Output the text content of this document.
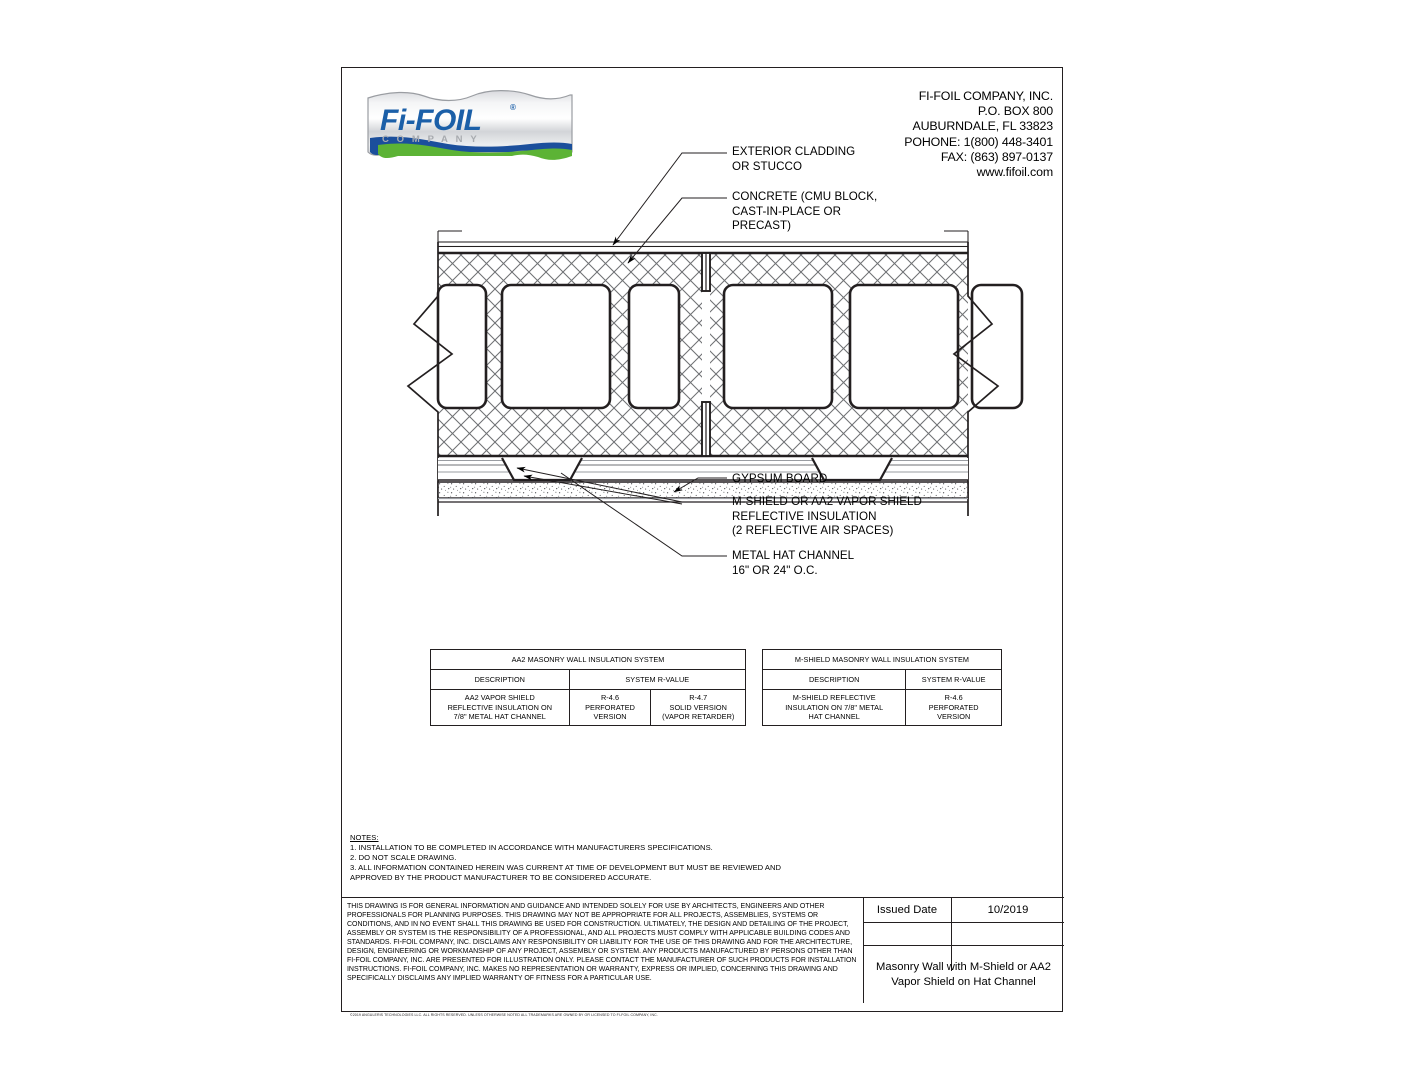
Fi-FOIL	®
COMPANY
FI-FOIL COMPANY, INC.
P.O. BOX 800
AUBURNDALE, FL 33823
POHONE: 1(800) 448-3401
FAX: (863) 897-0137
www.fifoil.com
EXTERIOR CLADDING
OR STUCCO
CONCRETE (CMU BLOCK,
CAST-IN-PLACE OR
PRECAST)
GYPSUM BOARD
M-SHIELD OR AA2 VAPOR SHIELD
REFLECTIVE INSULATION
(2 REFLECTIVE AIR SPACES)
METAL HAT CHANNEL
16" OR 24" O.C.
AA2 MASONRY WALL INSULATION SYSTEM		
DESCRIPTION	SYSTEM R-VALUE	

AA2 VAPOR SHIELD
REFLECTIVE INSULATION ON
7/8" METAL HAT CHANNEL

R-4.6
PERFORATED
VERSION

R-4.7
SOLID VERSION
(VAPOR RETARDER)
M-SHIELD MASONRY WALL INSULATION SYSTEM	
DESCRIPTION	SYSTEM R-VALUE

M-SHIELD REFLECTIVE
INSULATION ON 7/8" METAL
HAT CHANNEL

R-4.6
PERFORATED
VERSION
NOTES:
1. INSTALLATION TO BE COMPLETED IN ACCORDANCE WITH MANUFACTURERS SPECIFICATIONS.
2. DO NOT SCALE DRAWING.
3. ALL INFORMATION CONTAINED HEREIN WAS CURRENT AT TIME OF DEVELOPMENT BUT MUST BE REVIEWED AND
APPROVED BY THE PRODUCT MANUFACTURER TO BE CONSIDERED ACCURATE.
THIS DRAWING IS FOR GENERAL INFORMATION AND GUIDANCE AND INTENDED SOLELY FOR USE BY ARCHITECTS, ENGINEERS AND OTHER PROFESSIONALS FOR PLANNING PURPOSES. THIS DRAWING MAY NOT BE APPROPRIATE FOR ALL PROJECTS, ASSEMBLIES, SYSTEMS OR CONDITIONS, AND IN NO EVENT SHALL THIS DRAWING BE USED FOR CONSTRUCTION. ULTIMATELY, THE DESIGN AND DETAILING OF THE PROJECT, ASSEMBLY OR SYSTEM IS THE RESPONSIBILITY OF A PROFESSIONAL, AND ALL PROJECTS MUST COMPLY WITH APPLICABLE BUILDING CODES AND STANDARDS. FI-FOIL COMPANY, INC. DISCLAIMS ANY RESPONSIBILITY OR LIABILITY FOR THE USE OF THIS DRAWING AND FOR THE ARCHITECTURE, DESIGN, ENGINEERING OR WORKMANSHIP OF ANY PROJECT, ASSEMBLY OR SYSTEM. ANY PRODUCTS MANUFACTURED BY PERSONS OTHER THAN FI-FOIL COMPANY, INC. ARE PRESENTED FOR ILLUSTRATION ONLY. PLEASE CONTACT THE MANUFACTURER OF SUCH PRODUCTS FOR INSTALLATION INSTRUCTIONS. FI-FOIL COMPANY, INC. MAKES NO REPRESENTATION OR WARRANTY, EXPRESS OR IMPLIED, CONCERNING THIS DRAWING AND SPECIFICALLY DISCLAIMS ANY IMPLIED WARRANTY OF FITNESS FOR A PARTICULAR USE.
Issued Date	10/2019
Masonry Wall with M-Shield or AA2 Vapor Shield on Hat Channel
©2019 ANGULERIS TECHNOLOGIES LLC. ALL RIGHTS RESERVED. UNLESS OTHERWISE NOTED ALL TRADEMARKS ARE OWNED BY OR LICENSED TO FI-FOIL COMPANY, INC.
